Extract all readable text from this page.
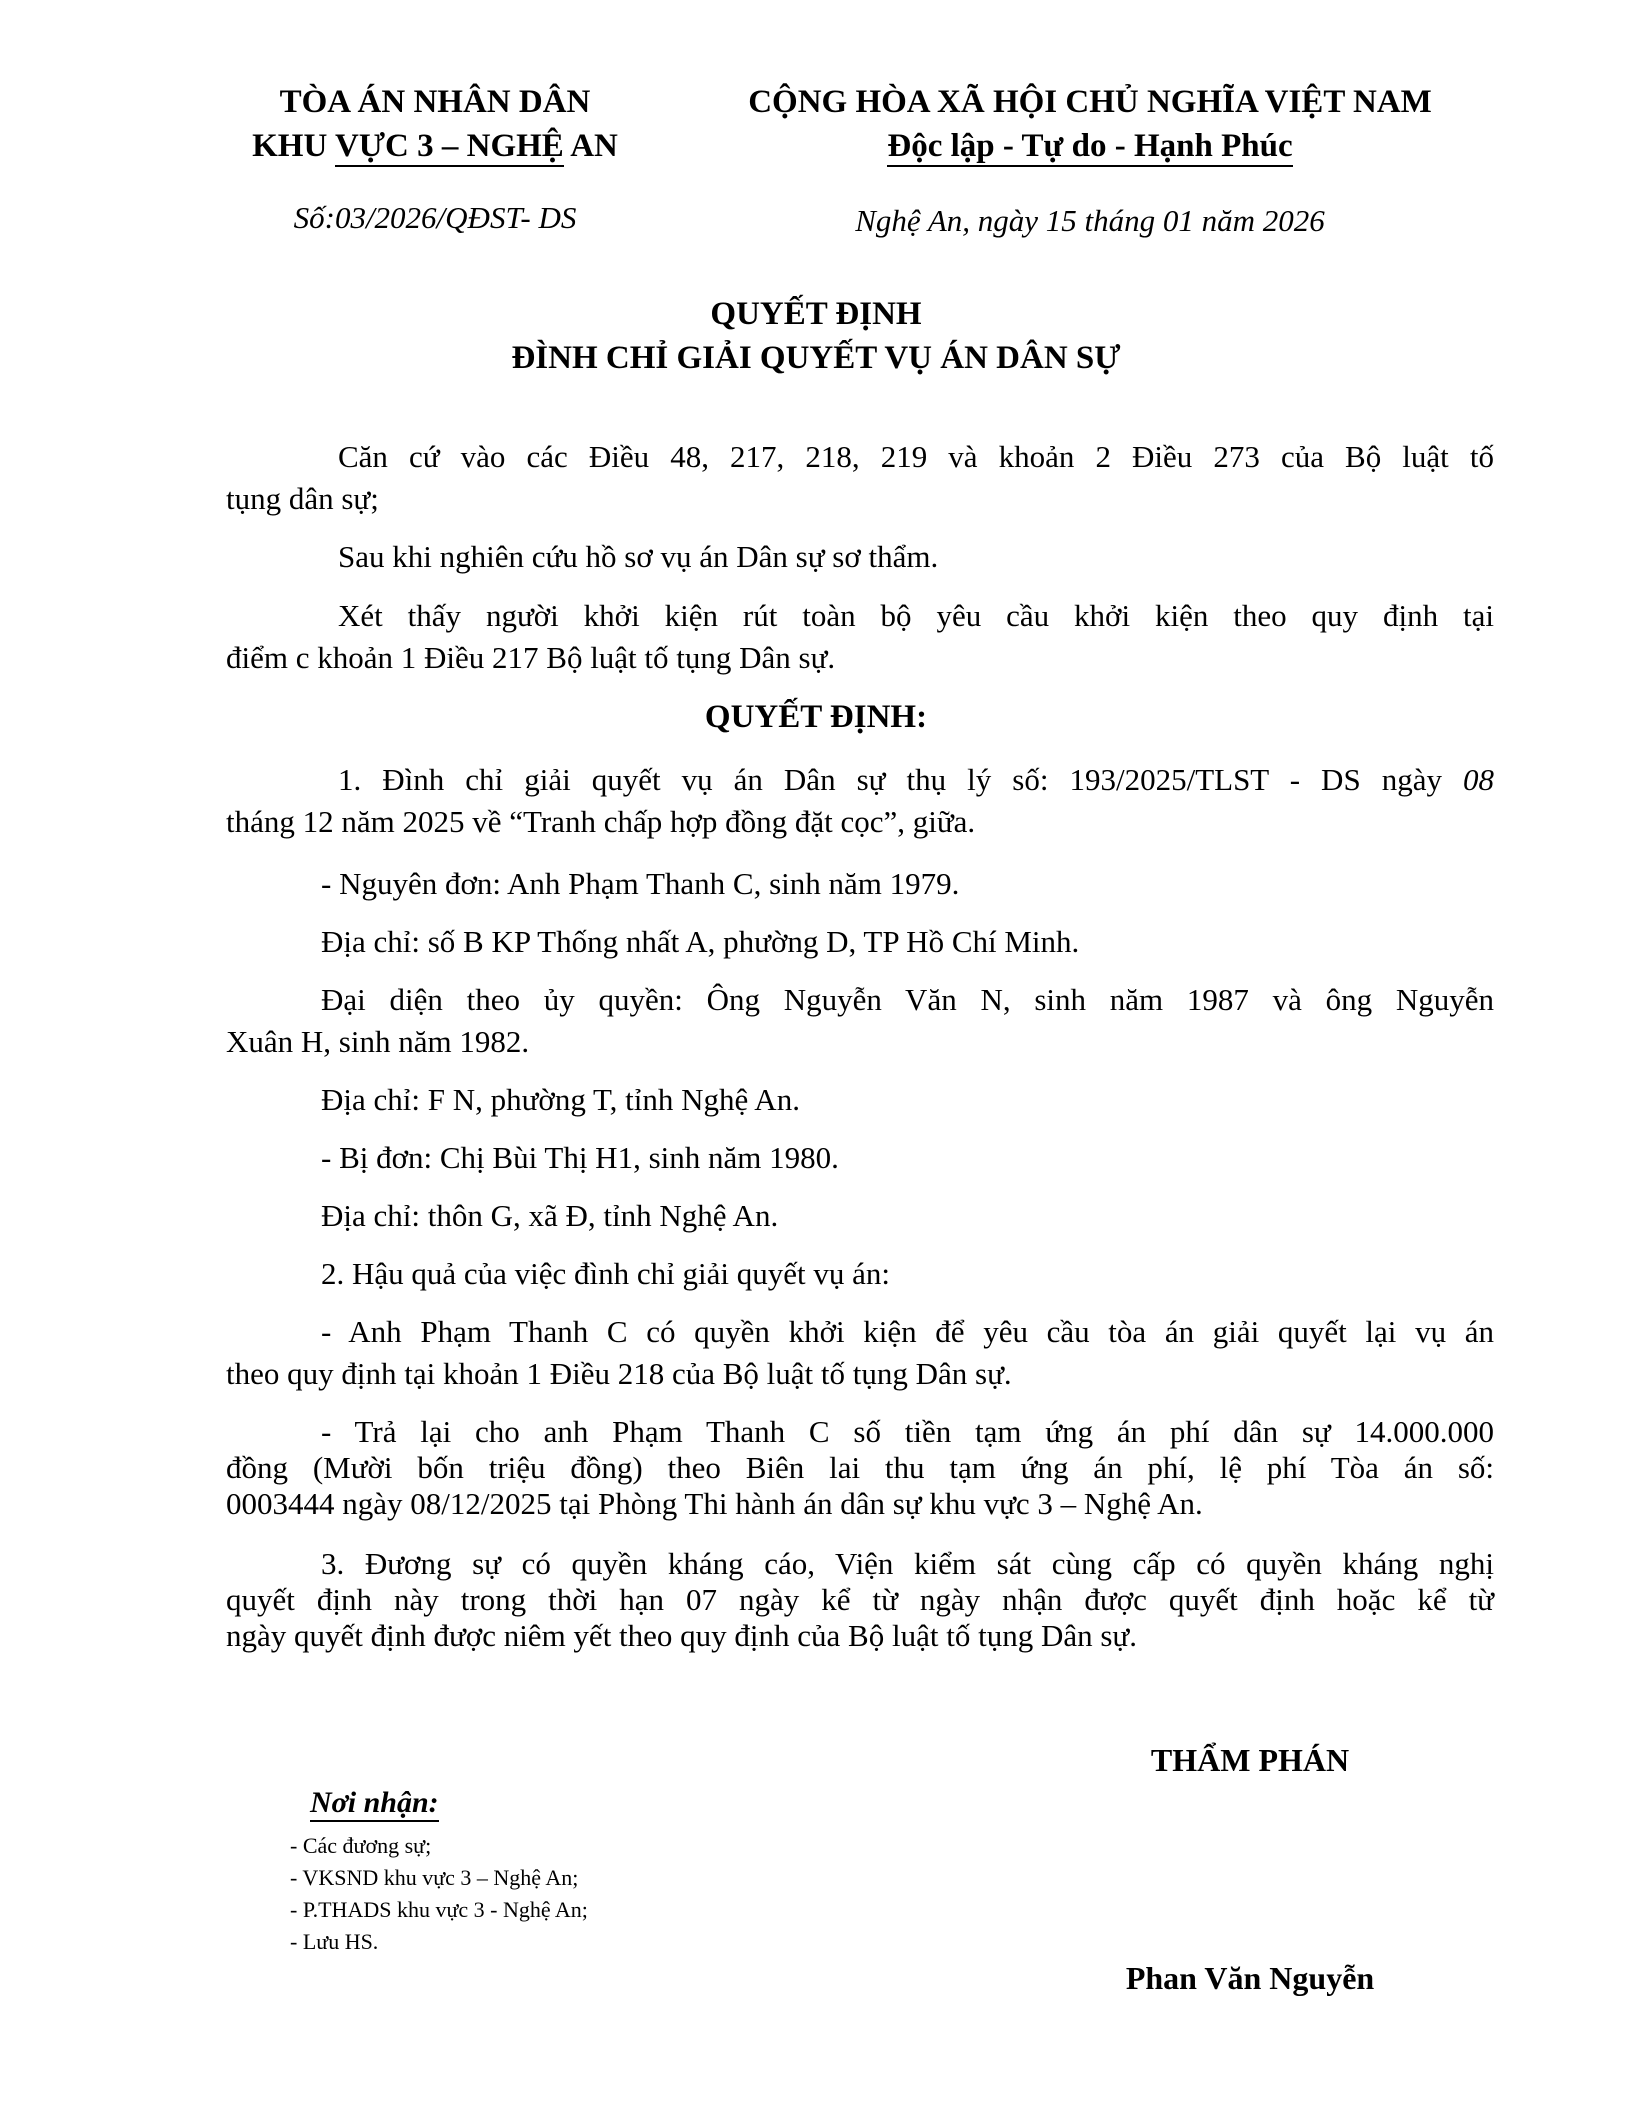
TÒA ÁN NHÂN DÂN
KHU VỰC 3 – NGHỆ AN
Số:03/2026/QĐST- DS
CỘNG HÒA XÃ HỘI CHỦ NGHĨA VIỆT NAM
Độc lập - Tự do - Hạnh Phúc
Nghệ An, ngày 15 tháng 01 năm 2026
QUYẾT ĐỊNH
ĐÌNH CHỈ GIẢI QUYẾT VỤ ÁN DÂN SỰ
Căn cứ vào các Điều 48, 217, 218, 219 và khoản 2 Điều 273 của Bộ luật tố
tụng dân sự;
Sau khi nghiên cứu hồ sơ vụ án Dân sự sơ thẩm.
Xét thấy người khởi kiện rút toàn bộ yêu cầu khởi kiện theo quy định tại
điểm c khoản 1 Điều 217 Bộ luật tố tụng Dân sự.
QUYẾT ĐỊNH:
1. Đình chỉ giải quyết vụ án Dân sự thụ lý số: 193/2025/TLST - DS ngày 08
tháng 12 năm 2025 về “Tranh chấp hợp đồng đặt cọc”, giữa.
- Nguyên đơn: Anh Phạm Thanh C, sinh năm 1979.
Địa chỉ: số B KP Thống nhất A, phường D, TP Hồ Chí Minh.
Đại diện theo ủy quyền: Ông Nguyễn Văn N, sinh năm 1987 và ông Nguyễn
Xuân H, sinh năm 1982.
Địa chỉ: F N, phường T, tỉnh Nghệ An.
- Bị đơn: Chị Bùi Thị H1, sinh năm 1980.
Địa chỉ: thôn G, xã Đ, tỉnh Nghệ An.
2. Hậu quả của việc đình chỉ giải quyết vụ án:
- Anh Phạm Thanh C có quyền khởi kiện để yêu cầu tòa án giải quyết lại vụ án
theo quy định tại khoản 1 Điều 218 của Bộ luật tố tụng Dân sự.
- Trả lại cho anh Phạm Thanh C số tiền tạm ứng án phí dân sự 14.000.000
đồng (Mười bốn triệu đồng) theo Biên lai thu tạm ứng án phí, lệ phí Tòa án số:
0003444 ngày 08/12/2025 tại Phòng Thi hành án dân sự khu vực 3 – Nghệ An.
3. Đương sự có quyền kháng cáo, Viện kiểm sát cùng cấp có quyền kháng nghị
quyết định này trong thời hạn 07 ngày kể từ ngày nhận được quyết định hoặc kể từ
ngày quyết định được niêm yết theo quy định của Bộ luật tố tụng Dân sự.
THẨM PHÁN
Phan Văn Nguyễn
Nơi nhận:
- Các đương sự;
- VKSND khu vực 3 – Nghệ An;
- P.THADS khu vực 3 - Nghệ An;
- Lưu HS.
